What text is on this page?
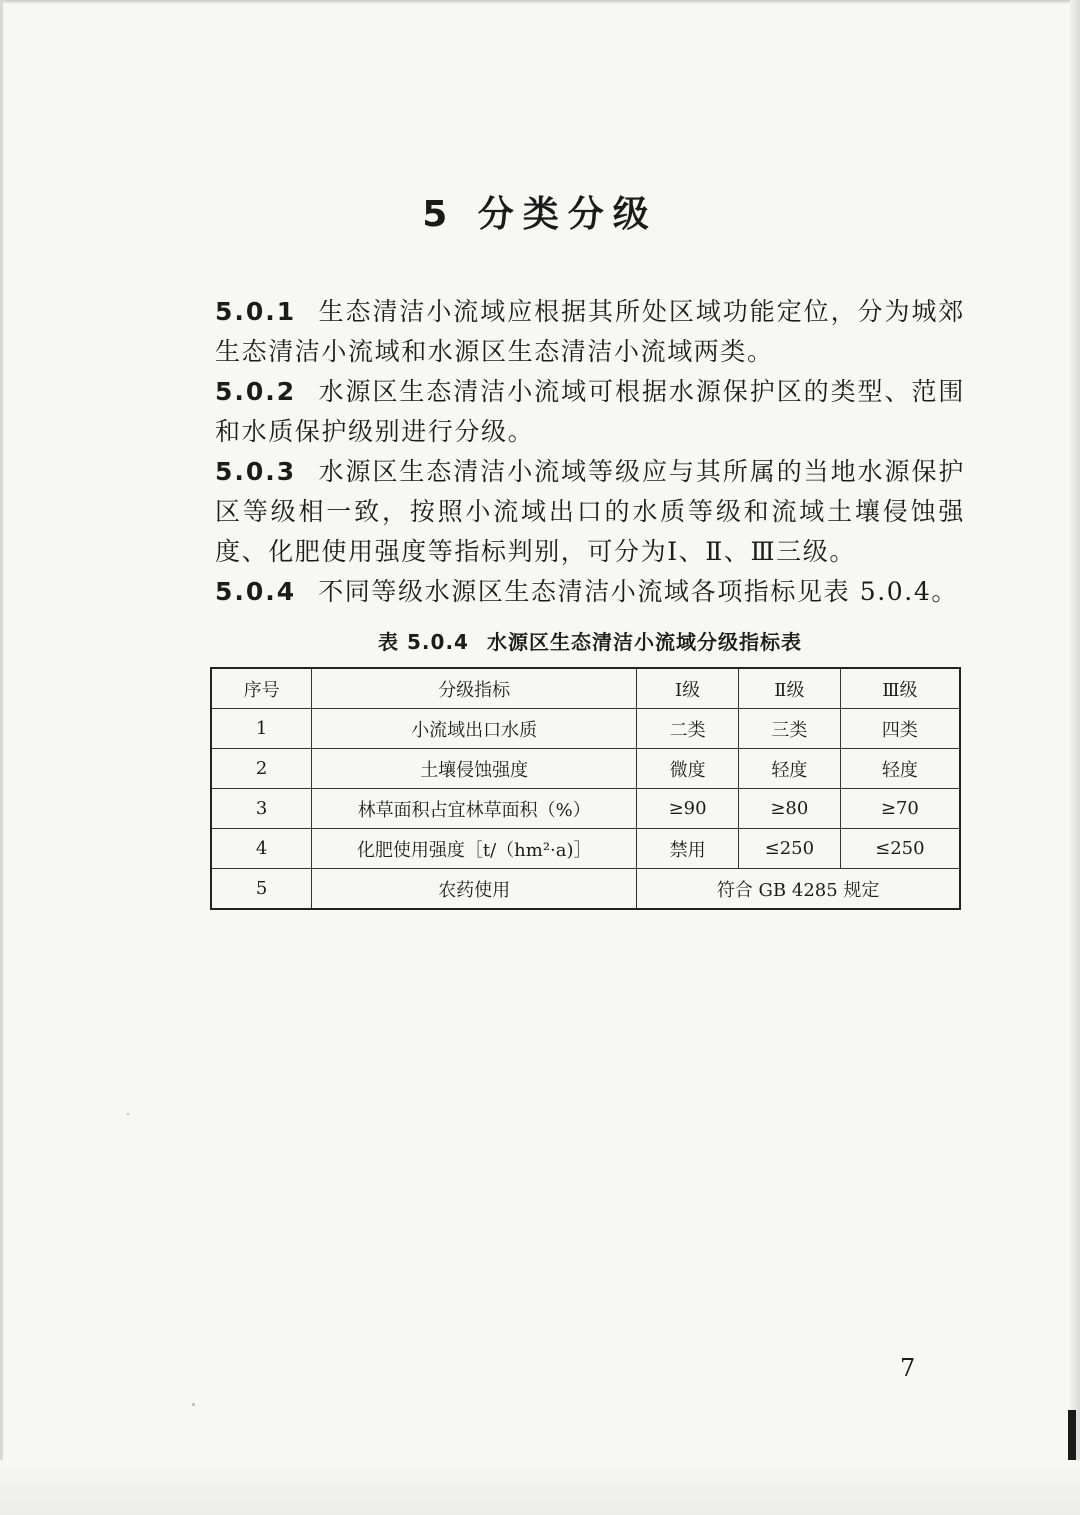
5 分类分级

5.0.1 生态清洁小流域应根据其所处区域功能定位，分为城郊生态清洁小流域和水源区生态清洁小流域两类。

5.0.2 水源区生态清洁小流域可根据水源保护区的类型、范围和水质保护级别进行分级。

5.0.3 水源区生态清洁小流域等级应与其所属的当地水源保护区等级相一致，按照小流域出口的水质等级和流域土壤侵蚀强度、化肥使用强度等指标判别，可分为Ⅰ、Ⅱ、Ⅲ三级。

5.0.4 不同等级水源区生态清洁小流域各项指标见表 5.0.4。

表 5.0.4 水源区生态清洁小流域分级指标表
序号	分级指标	Ⅰ级	Ⅱ级	Ⅲ级
1	小流域出口水质	二类	三类	四类
2	土壤侵蚀强度	微度	轻度	轻度
3	林草面积占宜林草面积（%）	≥90	≥80	≥70
4	化肥使用强度［t/（hm²·a)］	禁用	≤250	≤250
5	农药使用	符合 GB 4285 规定		
7
